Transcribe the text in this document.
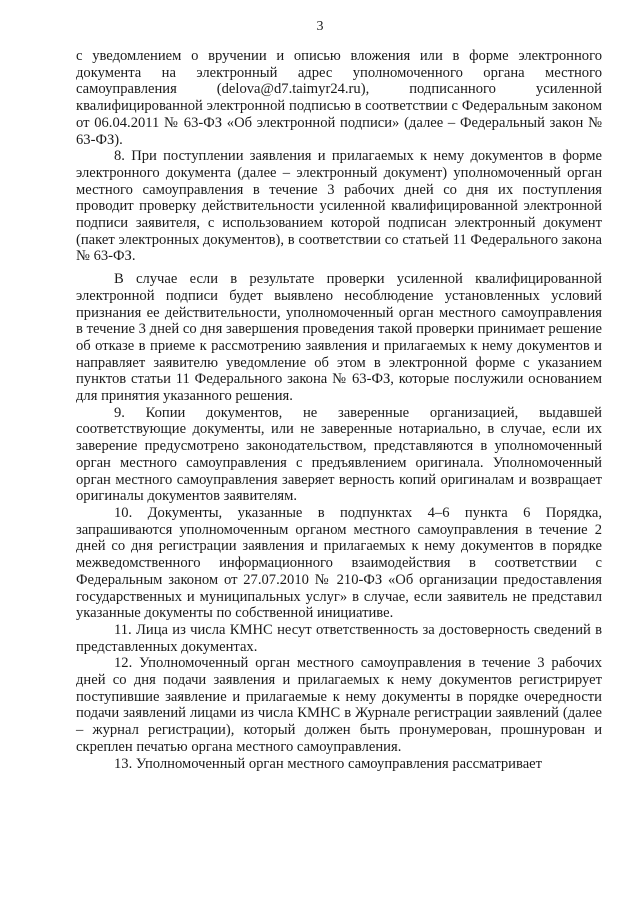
3

с уведомлением о вручении и описью вложения или в форме электронного документа на электронный адрес уполномоченного органа местного самоуправления (delova@d7.taimyr24.ru), подписанного усиленной квалифицированной электронной подписью в соответствии с Федеральным законом от 06.04.2011 № 63-ФЗ «Об электронной подписи» (далее – Федеральный закон № 63-ФЗ).

8. При поступлении заявления и прилагаемых к нему документов в форме электронного документа (далее – электронный документ) уполномоченный орган местного самоуправления в течение 3 рабочих дней со дня их поступления проводит проверку действительности усиленной квалифицированной электронной подписи заявителя, с использованием которой подписан электронный документ (пакет электронных документов), в соответствии со статьей 11 Федерального закона № 63-ФЗ.

В случае если в результате проверки усиленной квалифицированной электронной подписи будет выявлено несоблюдение установленных условий признания ее действительности, уполномоченный орган местного самоуправления в течение 3 дней со дня завершения проведения такой проверки принимает решение об отказе в приеме к рассмотрению заявления и прилагаемых к нему документов и направляет заявителю уведомление об этом в электронной форме с указанием пунктов статьи 11 Федерального закона № 63-ФЗ, которые послужили основанием для принятия указанного решения.

9. Копии документов, не заверенные организацией, выдавшей соответствующие документы, или не заверенные нотариально, в случае, если их заверение предусмотрено законодательством, представляются в уполномоченный орган местного самоуправления с предъявлением оригинала. Уполномоченный орган местного самоуправления заверяет верность копий оригиналам и возвращает оригиналы документов заявителям.

10. Документы, указанные в подпунктах 4–6 пункта 6 Порядка, запрашиваются уполномоченным органом местного самоуправления в течение 2 дней со дня регистрации заявления и прилагаемых к нему документов в порядке межведомственного информационного взаимодействия в соответствии с Федеральным законом от 27.07.2010 № 210-ФЗ «Об организации предоставления государственных и муниципальных услуг» в случае, если заявитель не представил указанные документы по собственной инициативе.

11. Лица из числа КМНС несут ответственность за достоверность сведений в представленных документах.

12. Уполномоченный орган местного самоуправления в течение 3 рабочих дней со дня подачи заявления и прилагаемых к нему документов регистрирует поступившие заявление и прилагаемые к нему документы в порядке очередности подачи заявлений лицами из числа КМНС в Журнале регистрации заявлений (далее – журнал регистрации), который должен быть пронумерован, прошнурован и скреплен печатью органа местного самоуправления.

13. Уполномоченный орган местного самоуправления рассматривает
